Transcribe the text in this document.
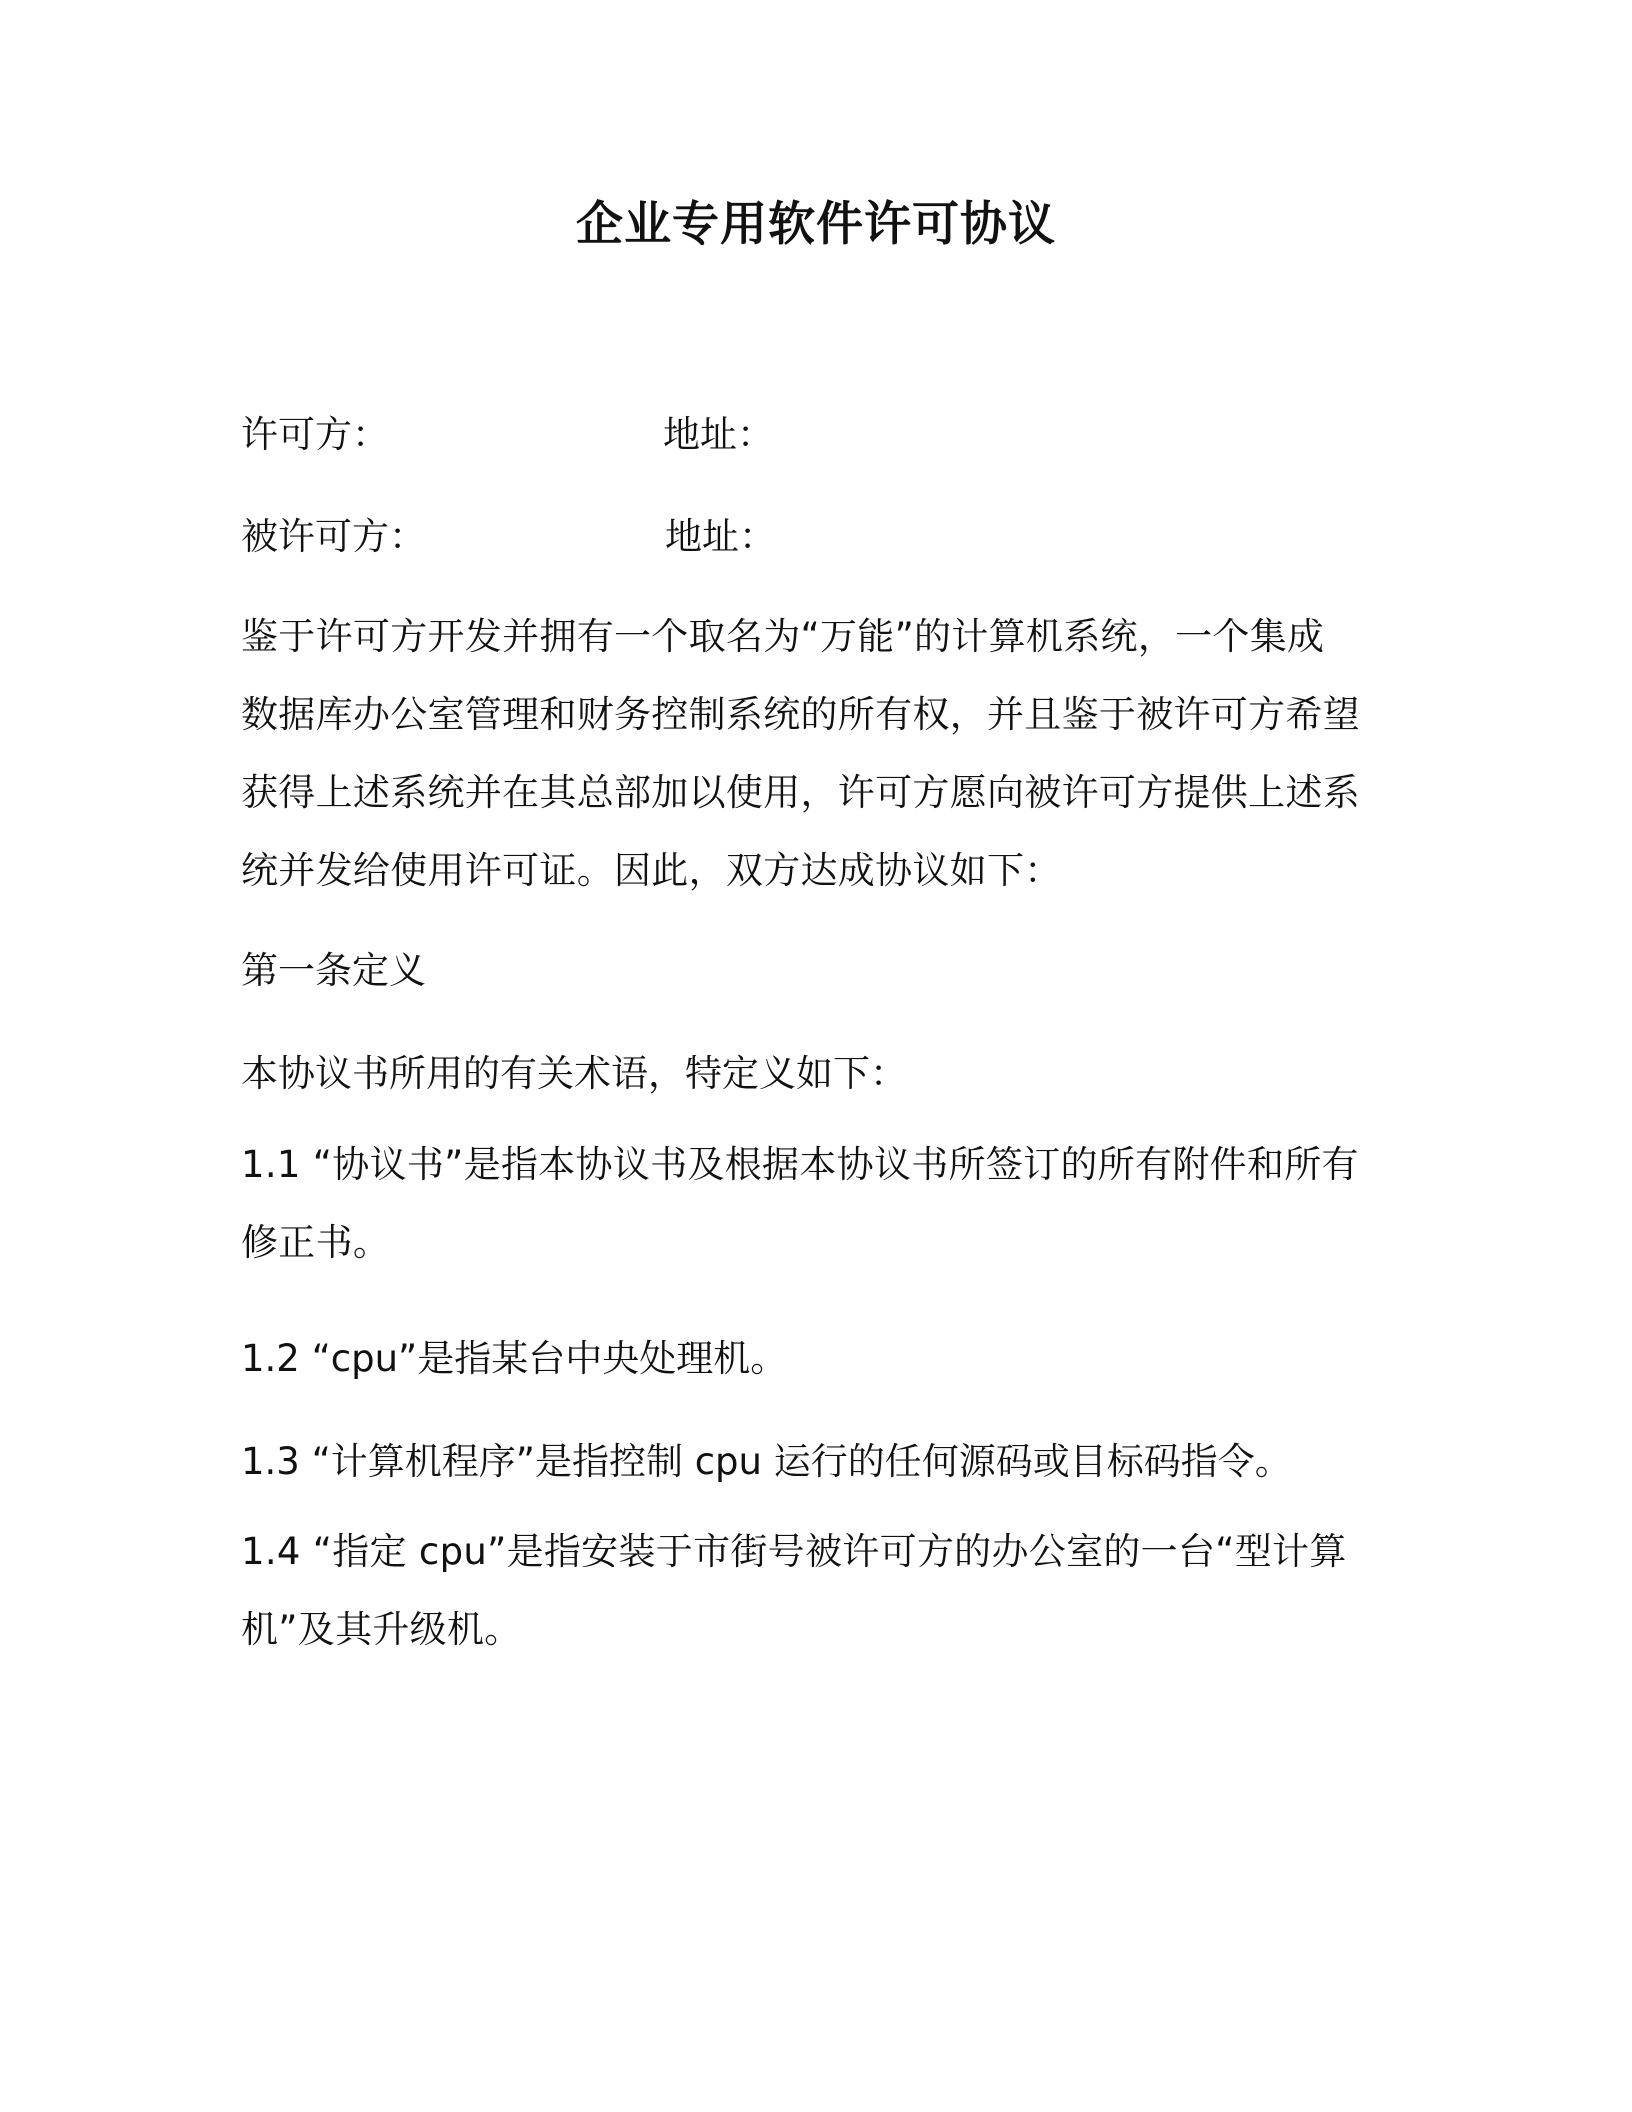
企业专用软件许可协议
许可方：	地址：
被许可方：	地址：
鉴于许可方开发并拥有一个取名为“万能”的计算机系统，一个集成
数据库办公室管理和财务控制系统的所有权，并且鉴于被许可方希望
获得上述系统并在其总部加以使用，许可方愿向被许可方提供上述系
统并发给使用许可证。因此，双方达成协议如下：
第一条定义
本协议书所用的有关术语，特定义如下：
1.1 “协议书”是指本协议书及根据本协议书所签订的所有附件和所有
修正书。
1.2 “cpu”是指某台中央处理机。
1.3 “计算机程序”是指控制 cpu 运行的任何源码或目标码指令。
1.4 “指定 cpu”是指安装于市街号被许可方的办公室的一台“型计算
机”及其升级机。
